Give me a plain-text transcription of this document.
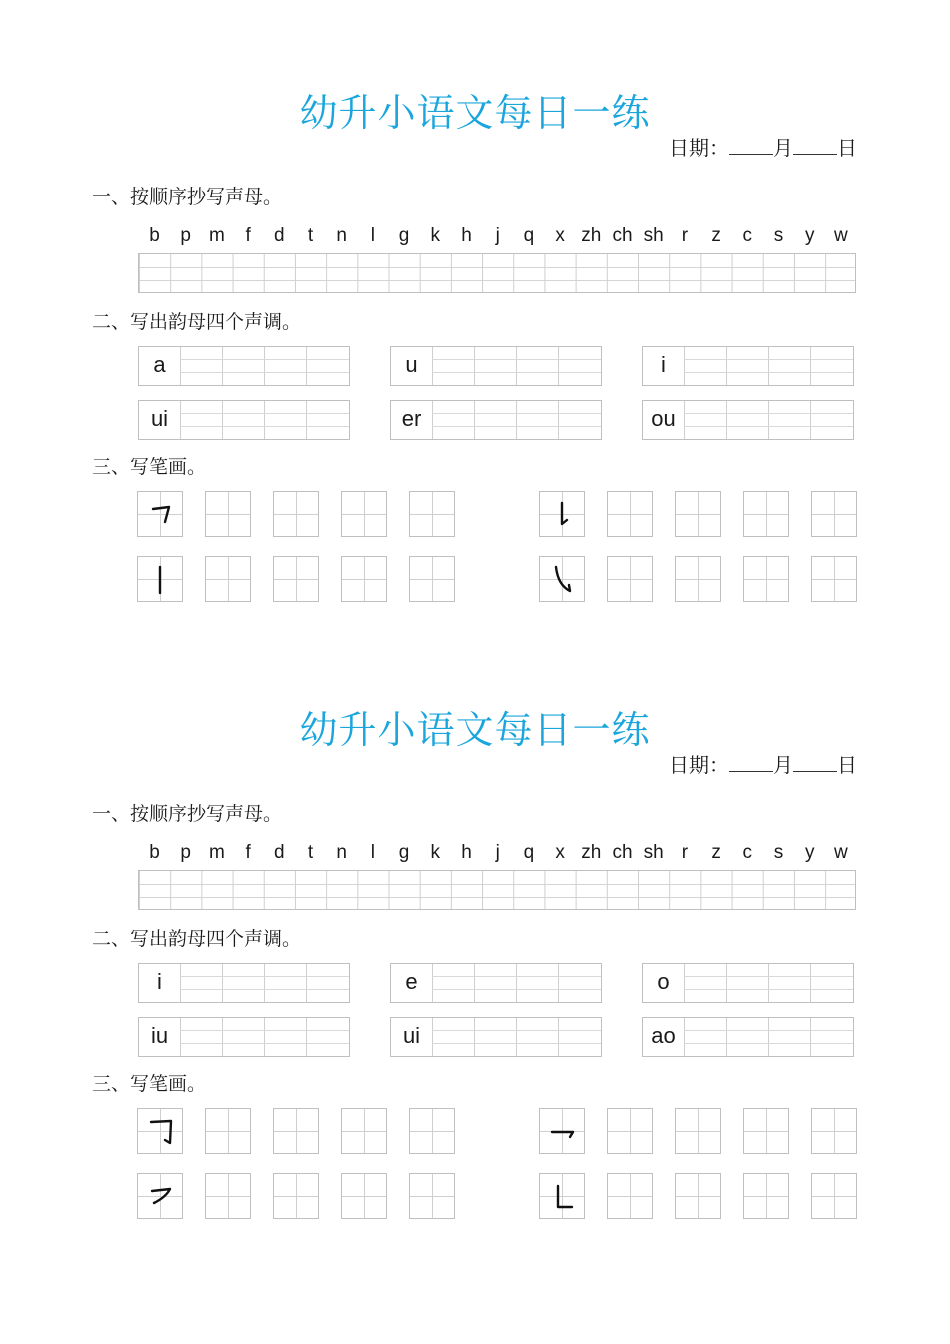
幼升小语文每日一练
日期： 月 日
一、按顺序抄写声母。
b	p m	f	d	t	n	l	g	k	h	j	q	x zh ch sh r	z	c	s	y	w
二、写出韵母四个声调。
a	u	i
ui	er	ou
三、写笔画。
幼升小语文每日一练
日期： 月 日
一、按顺序抄写声母。
b	p m	f	d	t	n	l	g	k	h	j	q	x zh ch sh r	z	c	s	y	w
二、写出韵母四个声调。
i	e	o
iu	ui	ao
三、写笔画。
